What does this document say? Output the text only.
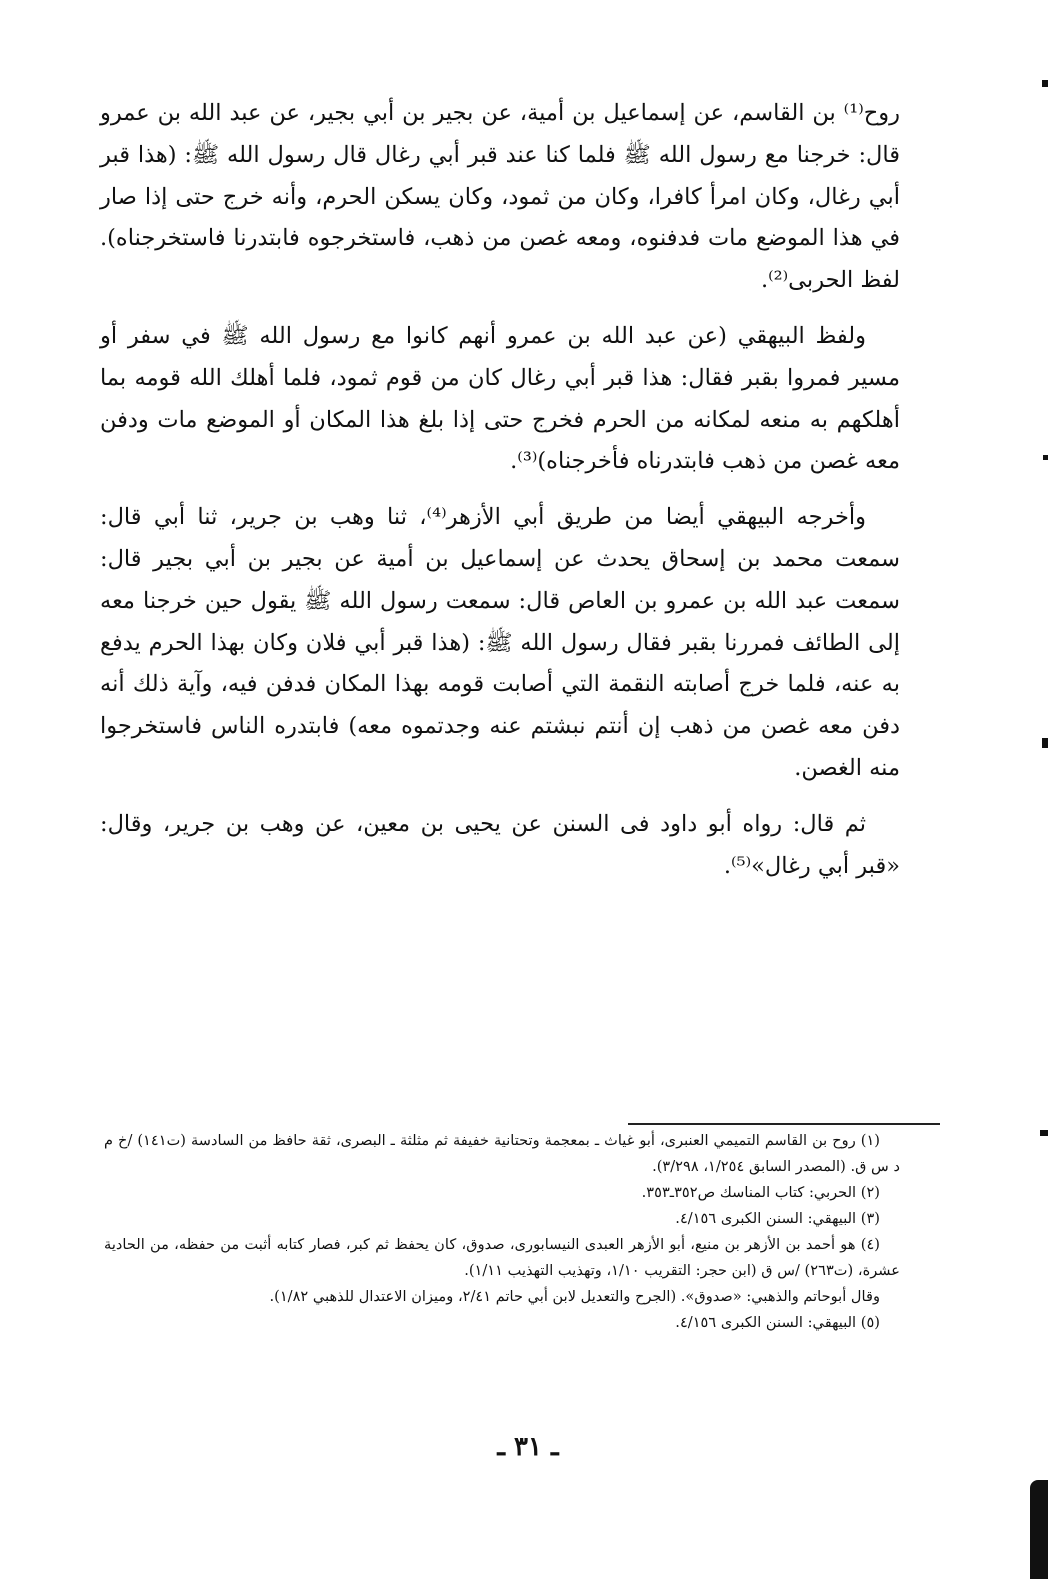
روح⁽¹⁾ بن القاسم، عن إسماعيل بن أمية، عن بجير بن أبي بجير، عن عبد الله بن عمرو قال: خرجنا مع رسول الله ﷺ فلما كنا عند قبر أبي رغال قال رسول الله ﷺ: (هذا قبر أبي رغال، وكان امرأ كافرا، وكان من ثمود، وكان يسكن الحرم، وأنه خرج حتى إذا صار في هذا الموضع مات فدفنوه، ومعه غصن من ذهب، فاستخرجوه فابتدرنا فاستخرجناه). لفظ الحربى⁽²⁾.

ولفظ البيهقي (عن عبد الله بن عمرو أنهم كانوا مع رسول الله ﷺ في سفر أو مسير فمروا بقبر فقال: هذا قبر أبي رغال كان من قوم ثمود، فلما أهلك الله قومه بما أهلكهم به منعه لمكانه من الحرم فخرج حتى إذا بلغ هذا المكان أو الموضع مات ودفن معه غصن من ذهب فابتدرناه فأخرجناه)⁽³⁾.

وأخرجه البيهقي أيضا من طريق أبي الأزهر⁽⁴⁾، ثنا وهب بن جرير، ثنا أبي قال: سمعت محمد بن إسحاق يحدث عن إسماعيل بن أمية عن بجير بن أبي بجير قال: سمعت عبد الله بن عمرو بن العاص قال: سمعت رسول الله ﷺ يقول حين خرجنا معه إلى الطائف فمررنا بقبر فقال رسول الله ﷺ: (هذا قبر أبي فلان وكان بهذا الحرم يدفع به عنه، فلما خرج أصابته النقمة التي أصابت قومه بهذا المكان فدفن فيه، وآية ذلك أنه دفن معه غصن من ذهب إن أنتم نبشتم عنه وجدتموه معه) فابتدره الناس فاستخرجوا منه الغصن.

ثم قال: رواه أبو داود فى السنن عن يحيى بن معين، عن وهب بن جرير، وقال: «قبر أبي رغال»⁽⁵⁾.

(١) روح بن القاسم التميمي العنبرى، أبو غياث ـ بمعجمة وتحتانية خفيفة ثم مثلثة ـ البصرى، ثقة حافظ من السادسة (ت١٤١) /خ م د س ق. (المصدر السابق ١/٢٥٤، ٣/٢٩٨).

(٢) الحربي: كتاب المناسك ص٣٥٢ـ٣٥٣.

(٣) البيهقي: السنن الكبرى ٤/١٥٦.

(٤) هو أحمد بن الأزهر بن منيع، أبو الأزهر العبدى النيسابورى، صدوق، كان يحفظ ثم كبر، فصار كتابه أثبت من حفظه، من الحادية عشرة، (ت٢٦٣) /س ق (ابن حجر: التقريب ١/١٠، وتهذيب التهذيب ١/١١).

وقال أبوحاتم والذهبي: «صدوق». (الجرح والتعديل لابن أبي حاتم ٢/٤١، وميزان الاعتدال للذهبي ١/٨٢).

(٥) البيهقي: السنن الكبرى ٤/١٥٦.

ـ ٣١ ـ
